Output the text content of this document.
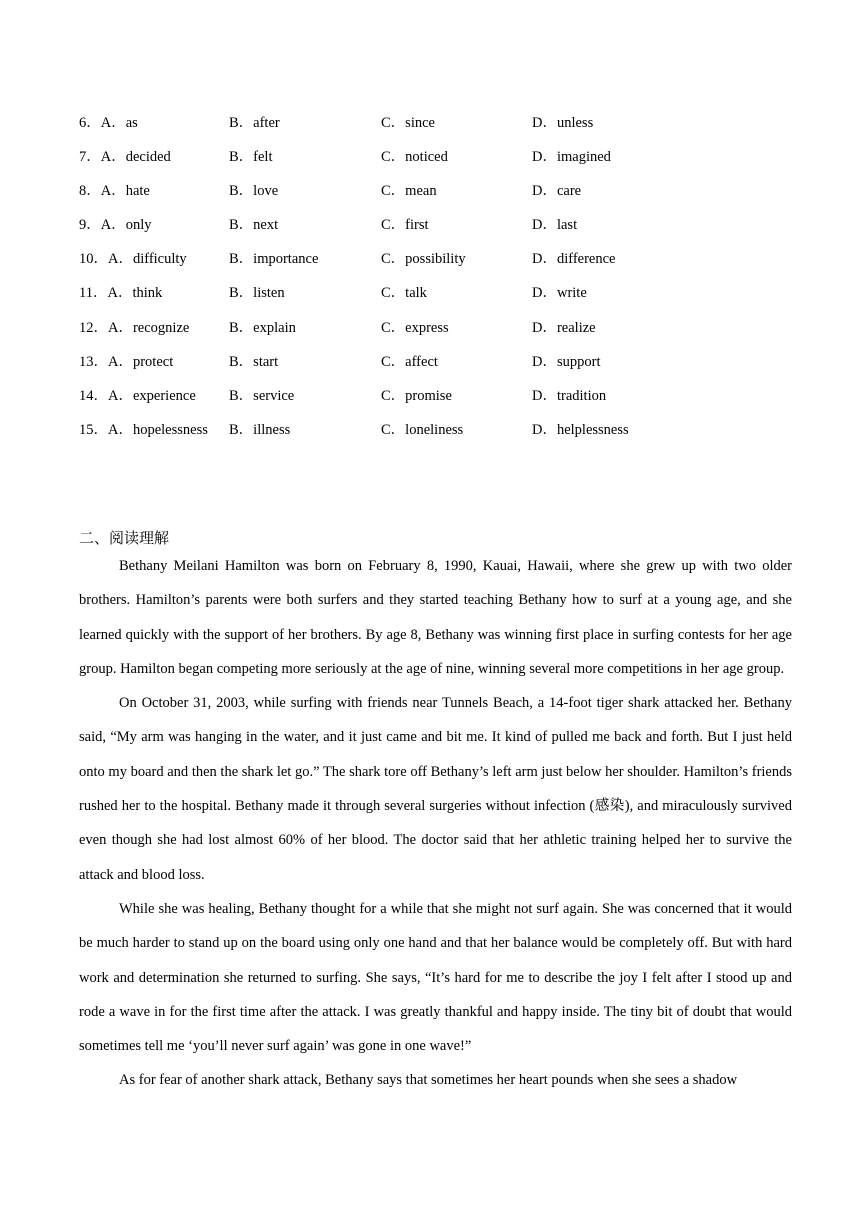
6．A．as	B．after	C．since	D．unless
7．A．decided	B．felt	C．noticed	D．imagined
8．A．hate	B．love	C．mean	D．care
9．A．only	B．next	C．first	D．last
10．A．difficulty	B．importance	C．possibility	D．difference
11．A．think	B．listen	C．talk	D．write
12．A．recognize	B．explain	C．express	D．realize
13．A．protect	B．start	C．affect	D．support
14．A．experience B．service	C．promise	D．tradition
15．A．hopelessness B．illness	C．loneliness	D．helplessness
二、阅读理解

Bethany Meilani Hamilton was born on February 8, 1990, Kauai, Hawaii, where she grew up with two older brothers. Hamilton’s parents were both surfers and they started teaching Bethany how to surf at a young age, and she learned quickly with the support of her brothers. By age 8, Bethany was winning first place in surfing contests for her age group. Hamilton began competing more seriously at the age of nine, winning several more competitions in her age group.

On October 31, 2003, while surfing with friends near Tunnels Beach, a 14-foot tiger shark attacked her. Bethany said, “My arm was hanging in the water, and it just came and bit me. It kind of pulled me back and forth. But I just held onto my board and then the shark let go.” The shark tore off Bethany’s left arm just below her shoulder. Hamilton’s friends rushed her to the hospital. Bethany made it through several surgeries without infection (感染), and miraculously survived even though she had lost almost 60% of her blood. The doctor said that her athletic training helped her to survive the attack and blood loss.

While she was healing, Bethany thought for a while that she might not surf again. She was concerned that it would be much harder to stand up on the board using only one hand and that her balance would be completely off. But with hard work and determination she returned to surfing. She says, “It’s hard for me to describe the joy I felt after I stood up and rode a wave in for the first time after the attack. I was greatly thankful and happy inside. The tiny bit of doubt that would sometimes tell me ‘you’ll never surf again’ was gone in one wave!”

As for fear of another shark attack, Bethany says that sometimes her heart pounds when she sees a shadow
